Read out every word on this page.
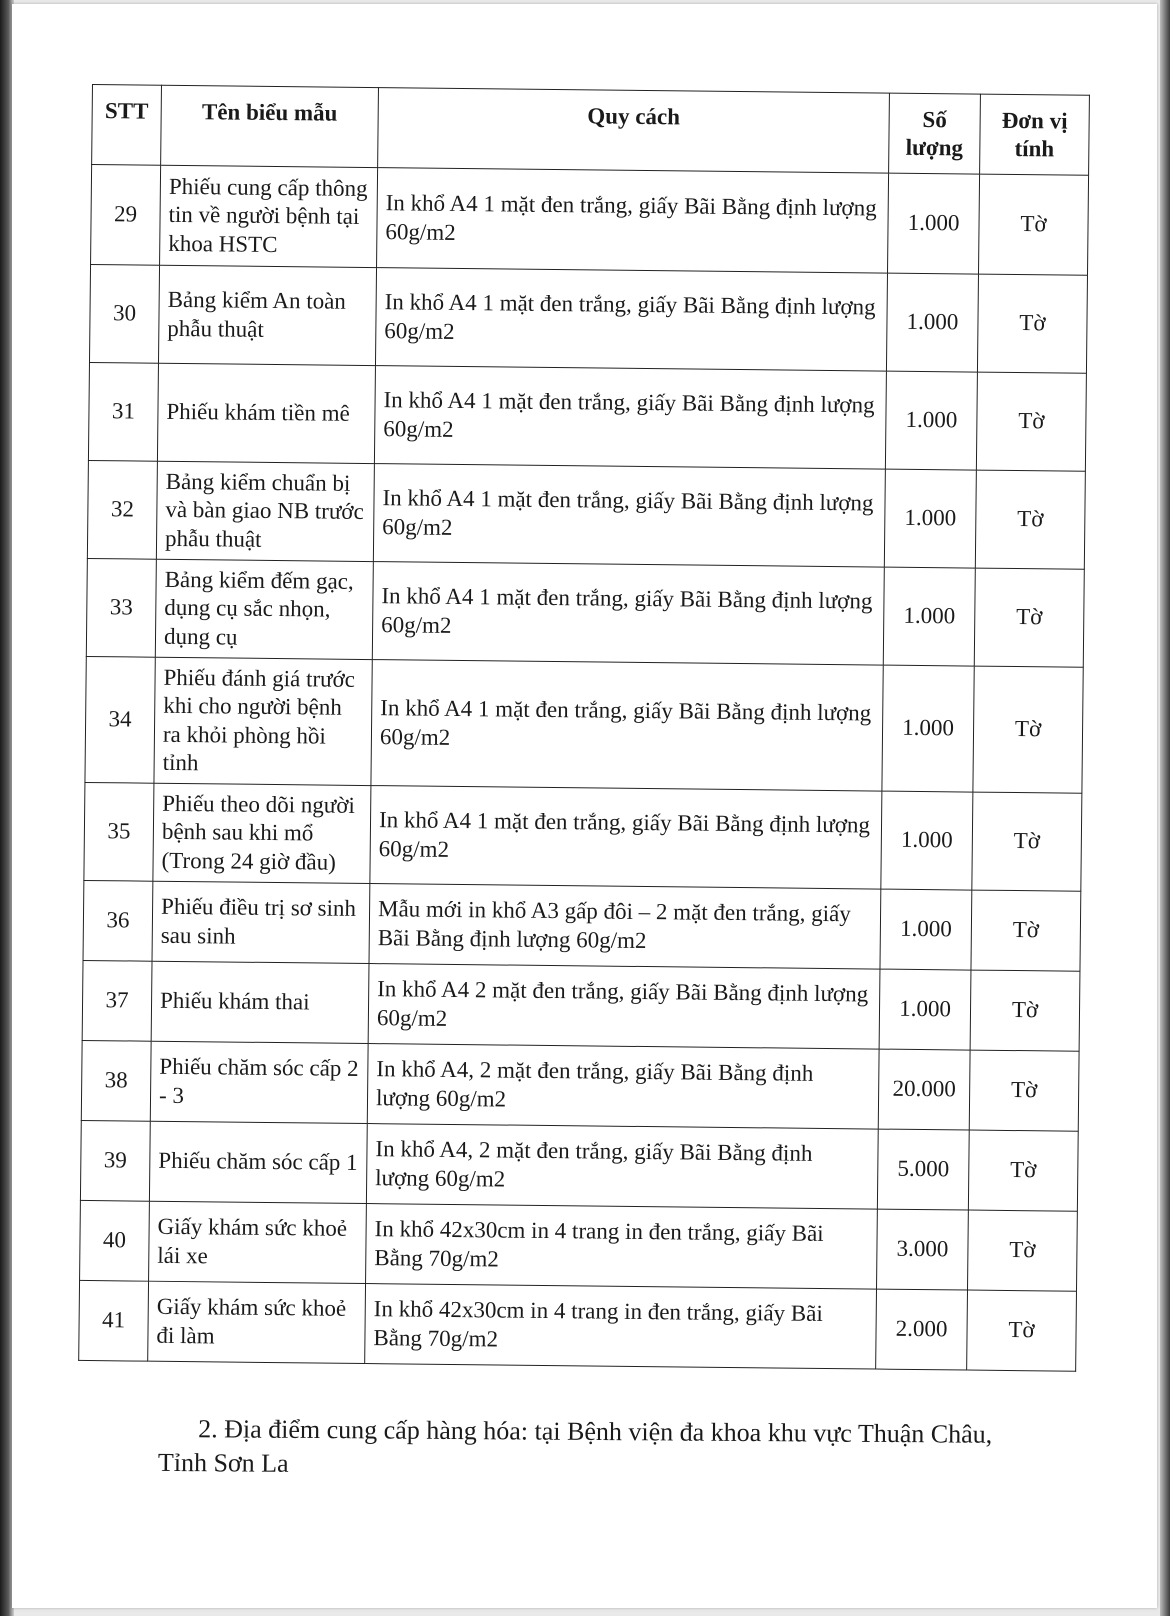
STT	Tên biểu mẫu	Quy cách	Số lượng	Đơn vị tính
29	Phiếu cung cấp thông tin về người bệnh tại khoa HSTC	In khổ A4 1 mặt đen trắng, giấy Bãi Bằng định lượng 60g/m2	1.000	Tờ
30	Bảng kiểm An toàn phẫu thuật	In khổ A4 1 mặt đen trắng, giấy Bãi Bằng định lượng 60g/m2	1.000	Tờ
31	Phiếu khám tiền mê	In khổ A4 1 mặt đen trắng, giấy Bãi Bằng định lượng 60g/m2	1.000	Tờ
32	Bảng kiểm chuẩn bị và bàn giao NB trước phẫu thuật	In khổ A4 1 mặt đen trắng, giấy Bãi Bằng định lượng 60g/m2	1.000	Tờ
33	Bảng kiểm đếm gạc, dụng cụ sắc nhọn, dụng cụ	In khổ A4 1 mặt đen trắng, giấy Bãi Bằng định lượng 60g/m2	1.000	Tờ
34	Phiếu đánh giá trước khi cho người bệnh ra khỏi phòng hồi tỉnh	In khổ A4 1 mặt đen trắng, giấy Bãi Bằng định lượng 60g/m2	1.000	Tờ
35	Phiếu theo dõi người bệnh sau khi mổ (Trong 24 giờ đầu)	In khổ A4 1 mặt đen trắng, giấy Bãi Bằng định lượng 60g/m2	1.000	Tờ
36	Phiếu điều trị sơ sinh sau sinh	Mẫu mới in khổ A3 gấp đôi – 2 mặt đen trắng, giấy Bãi Bằng định lượng 60g/m2	1.000	Tờ
37	Phiếu khám thai	In khổ A4 2 mặt đen trắng, giấy Bãi Bằng định lượng 60g/m2	1.000	Tờ
38	Phiếu chăm sóc cấp 2 - 3	In khổ A4, 2 mặt đen trắng, giấy Bãi Bằng định lượng 60g/m2	20.000	Tờ
39	Phiếu chăm sóc cấp 1	In khổ A4, 2 mặt đen trắng, giấy Bãi Bằng định lượng 60g/m2	5.000	Tờ
40	Giấy khám sức khoẻ lái xe	In khổ 42x30cm in 4 trang in đen trắng, giấy Bãi Bằng 70g/m2	3.000	Tờ
41	Giấy khám sức khoẻ đi làm	In khổ 42x30cm in 4 trang in đen trắng, giấy Bãi Bằng 70g/m2	2.000	Tờ
2. Địa điểm cung cấp hàng hóa: tại Bệnh viện đa khoa khu vực Thuận Châu,
Tỉnh Sơn La
